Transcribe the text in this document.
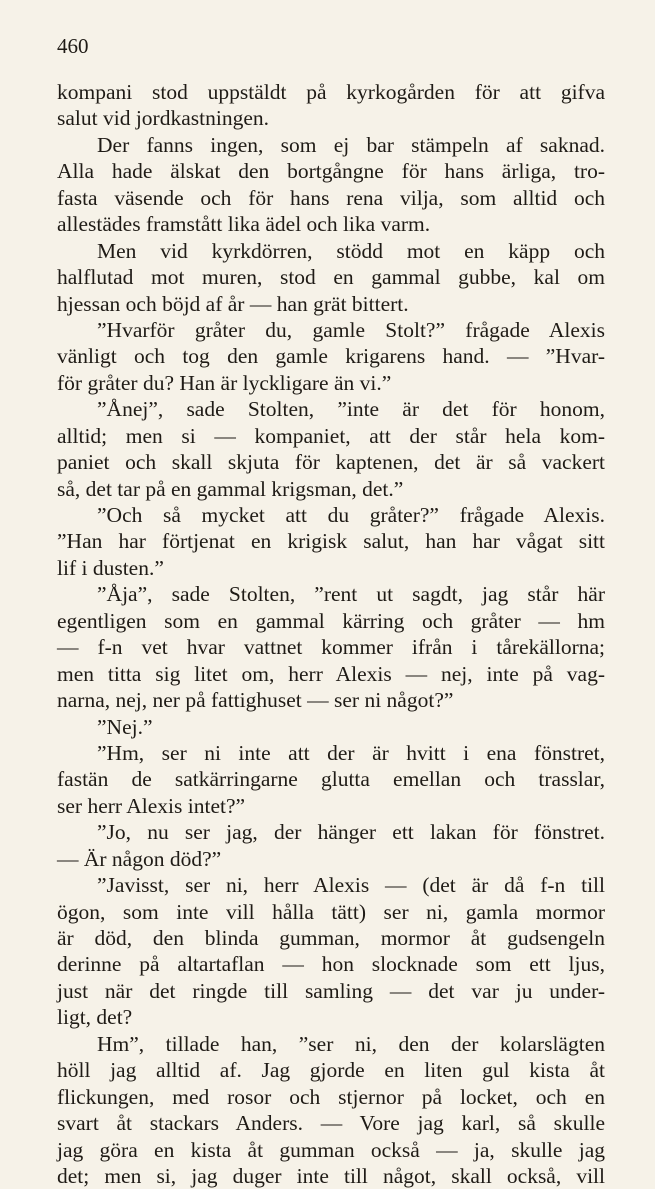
460
kompani stod uppstäldt på kyrkogården för att gifva
salut vid jordkastningen.
Der fanns ingen, som ej bar stämpeln af saknad.
Alla hade älskat den bortgångne för hans ärliga, tro-
fasta väsende och för hans rena vilja, som alltid och
allestädes framstått lika ädel och lika varm.
Men vid kyrkdörren, stödd mot en käpp och
halflutad mot muren, stod en gammal gubbe, kal om
hjessan och böjd af år — han grät bittert.
”Hvarför gråter du, gamle Stolt?” frågade Alexis
vänligt och tog den gamle krigarens hand. — ”Hvar-
för gråter du? Han är lyckligare än vi.”
”Ånej”, sade Stolten, ”inte är det för honom,
alltid; men si — kompaniet, att der står hela kom-
paniet och skall skjuta för kaptenen, det är så vackert
så, det tar på en gammal krigsman, det.”
”Och så mycket att du gråter?” frågade Alexis.
”Han har förtjenat en krigisk salut, han har vågat sitt
lif i dusten.”
”Åja”, sade Stolten, ”rent ut sagdt, jag står här
egentligen som en gammal kärring och gråter — hm
— f-n vet hvar vattnet kommer ifrån i tårekällorna;
men titta sig litet om, herr Alexis — nej, inte på vag-
narna, nej, ner på fattighuset — ser ni något?”
”Nej.”
”Hm, ser ni inte att der är hvitt i ena fönstret,
fastän de satkärringarne glutta emellan och trasslar,
ser herr Alexis intet?”
”Jo, nu ser jag, der hänger ett lakan för fönstret.
— Är någon död?”
”Javisst, ser ni, herr Alexis — (det är då f-n till
ögon, som inte vill hålla tätt) ser ni, gamla mormor
är död, den blinda gumman, mormor åt gudsengeln
derinne på altartaflan — hon slocknade som ett ljus,
just när det ringde till samling — det var ju under-
ligt, det?
Hm”, tillade han, ”ser ni, den der kolarslägten
höll jag alltid af. Jag gjorde en liten gul kista åt
flickungen, med rosor och stjernor på locket, och en
svart åt stackars Anders. — Vore jag karl, så skulle
jag göra en kista åt gumman också — ja, skulle jag
det; men si, jag duger inte till något, skall också, vill
